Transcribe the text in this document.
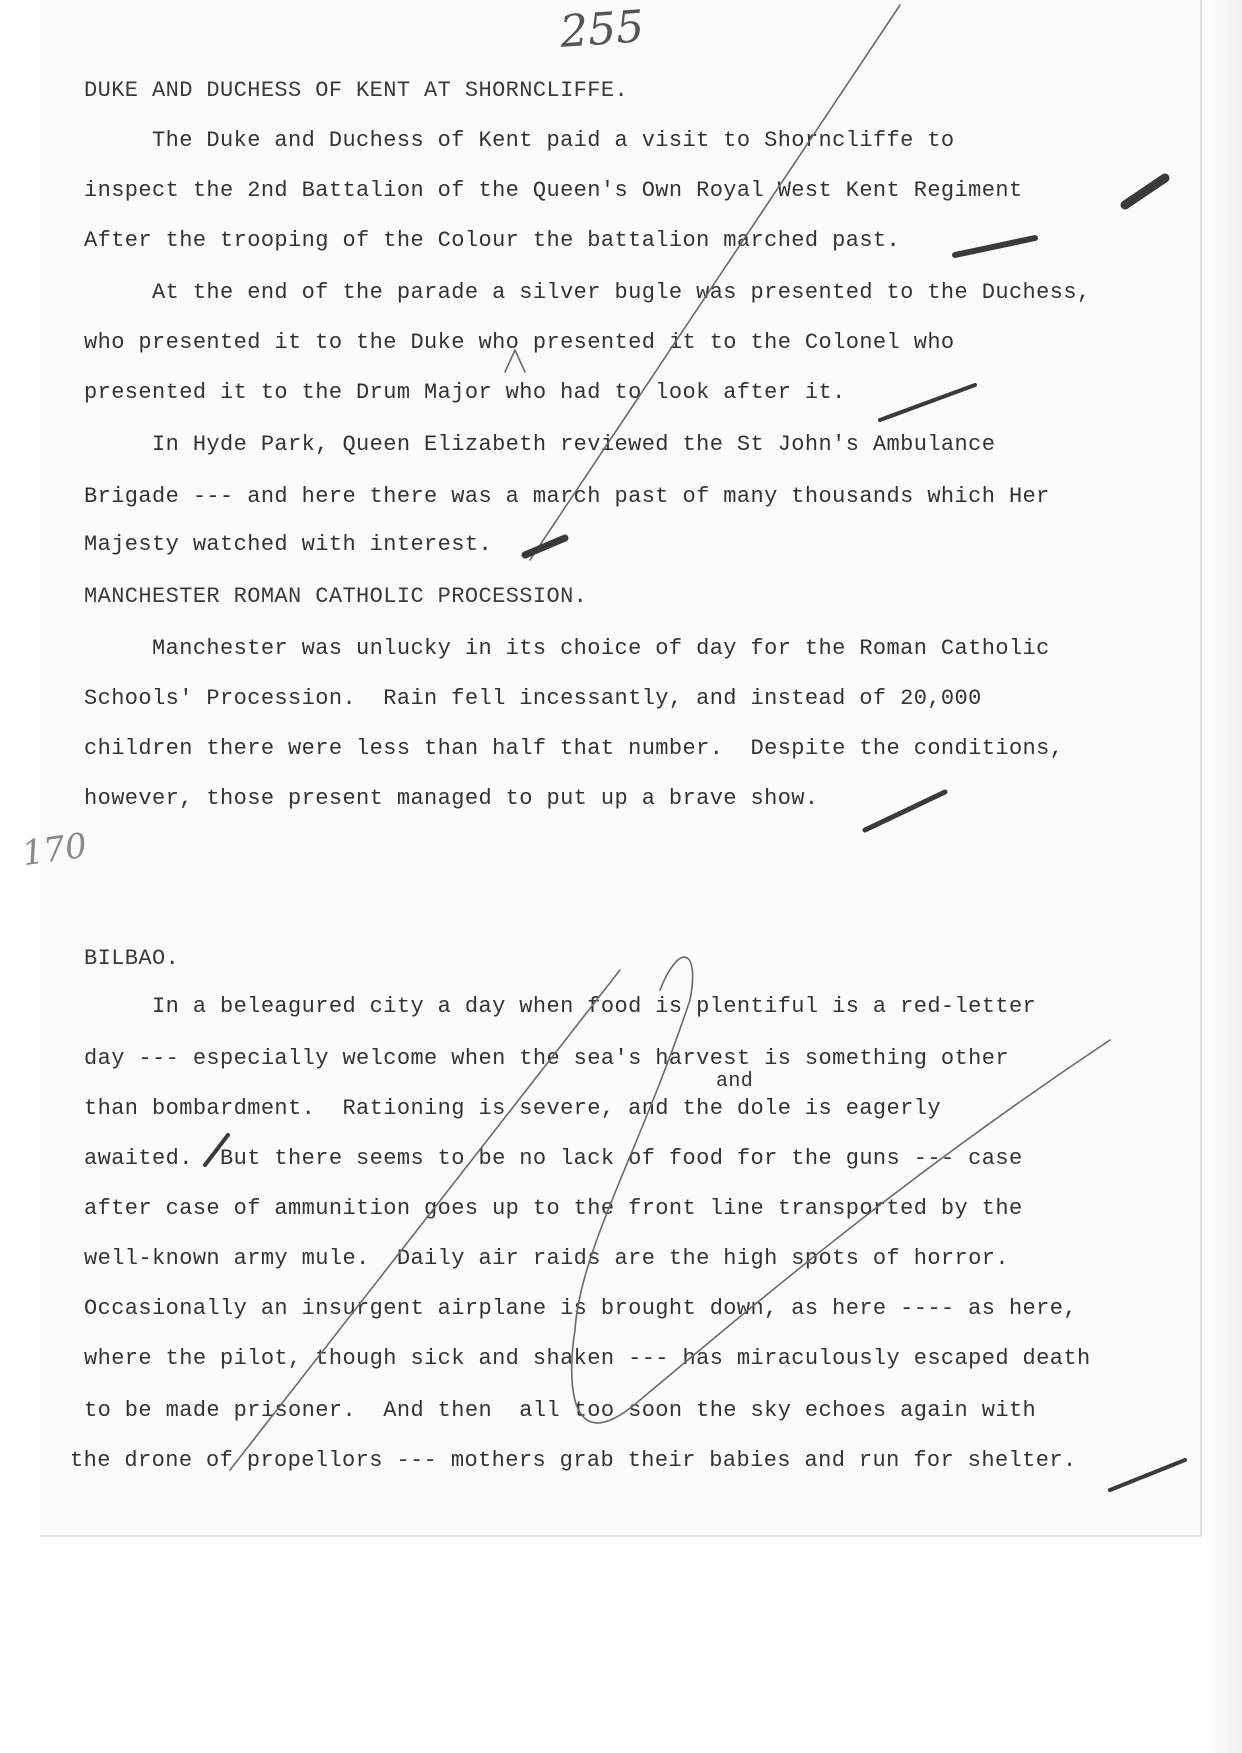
255
170
and
DUKE AND DUCHESS OF KENT AT SHORNCLIFFE.
The Duke and Duchess of Kent paid a visit to Shorncliffe to
inspect the 2nd Battalion of the Queen's Own Royal West Kent Regiment
After the trooping of the Colour the battalion marched past.
At the end of the parade a silver bugle was presented to the Duchess,
who presented it to the Duke who presented it to the Colonel who
presented it to the Drum Major who had to look after it.
In Hyde Park, Queen Elizabeth reviewed the St John's Ambulance
Brigade --- and here there was a march past of many thousands which Her
Majesty watched with interest.
MANCHESTER ROMAN CATHOLIC PROCESSION.
Manchester was unlucky in its choice of day for the Roman Catholic
Schools' Procession.  Rain fell incessantly, and instead of 20,000
children there were less than half that number.  Despite the conditions,
however, those present managed to put up a brave show.
BILBAO.
In a beleagured city a day when food is plentiful is a red-letter
day --- especially welcome when the sea's harvest is something other
than bombardment.  Rationing is severe, and the dole is eagerly
awaited.  But there seems to be no lack of food for the guns --- case
after case of ammunition goes up to the front line transported by the
well-known army mule.  Daily air raids are the high spots of horror.
Occasionally an insurgent airplane is brought down, as here ---- as here,
where the pilot, though sick and shaken --- has miraculously escaped death
to be made prisoner.  And then  all too soon the sky echoes again with
the drone of propellors --- mothers grab their babies and run for shelter.
